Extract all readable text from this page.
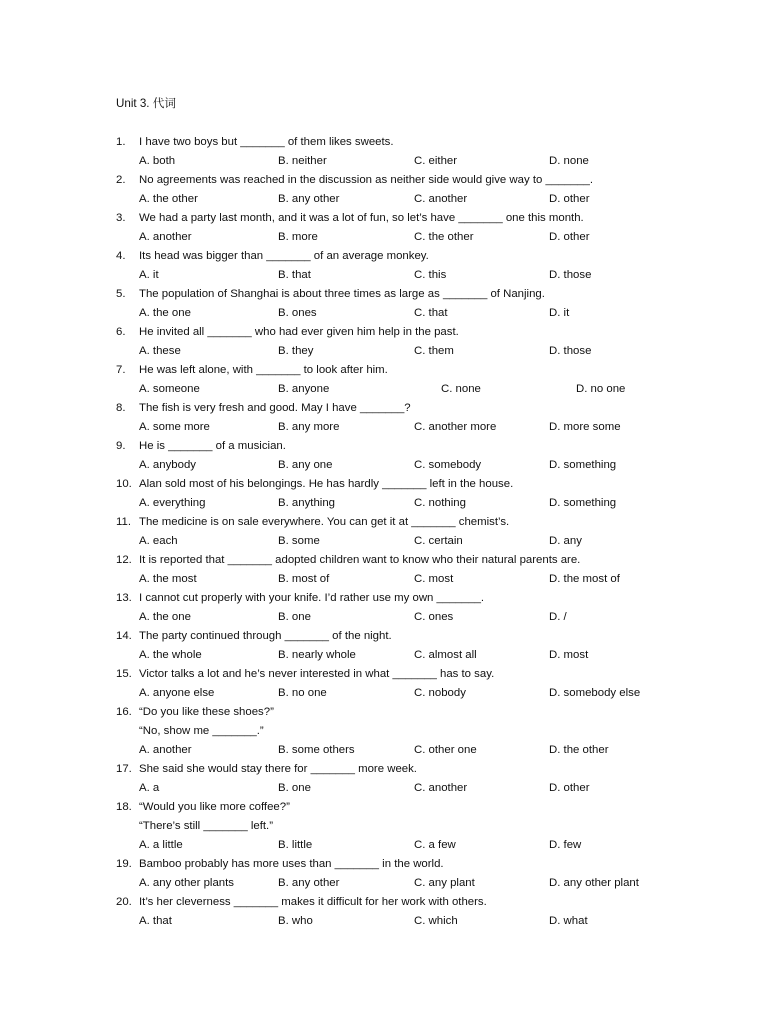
Unit 3. 代词
1.	I have two boys but _______ of them likes sweets.
A. both	B. neither	C. either	D. none
2.	No agreements was reached in the discussion as neither side would give way to _______.
A. the other	B. any other	C. another	D. other
3.	We had a party last month, and it was a lot of fun, so let’s have _______ one this month.
A. another	B. more	C. the other	D. other
4.	Its head was bigger than _______ of an average monkey.
A. it	B. that	C. this	D. those
5.	The population of Shanghai is about three times as large as _______ of Nanjing.
A. the one	B. ones	C. that	D. it
6.	He invited all _______ who had ever given him help in the past.
A. these	B. they	C. them	D. those
7.	He was left alone, with _______ to look after him.
A. someone	B. anyone	C. none	D. no one
8.	The fish is very fresh and good. May I have _______?
A. some more	B. any more	C. another more	D. more some
9.	He is _______ of a musician.
A. anybody	B. any one	C. somebody	D. something
10. Alan sold most of his belongings. He has hardly _______ left in the house.
A. everything	B. anything	C. nothing	D. something
11. The medicine is on sale everywhere. You can get it at _______ chemist’s.
A. each	B. some	C. certain	D. any
12. It is reported that _______ adopted children want to know who their natural parents are.
A. the most	B. most of	C. most	D. the most of
13. I cannot cut properly with your knife. I’d rather use my own _______.
A. the one	B. one	C. ones	D. /
14. The party continued through _______ of the night.
A. the whole	B. nearly whole	C. almost all	D. most
15. Victor talks a lot and he’s never interested in what _______ has to say.
A. anyone else	B. no one	C. nobody	D. somebody else
16. “Do you like these shoes?”
“No, show me _______.”
A. another	B. some others	C. other one	D. the other
17. She said she would stay there for _______ more week.
A. a	B. one	C. another	D. other
18. “Would you like more coffee?”
“There’s still _______ left.”
A. a little	B. little	C. a few	D. few
19. Bamboo probably has more uses than _______ in the world.
A. any other plants	B. any other	C. any plant	D. any other plant
20. It’s her cleverness _______ makes it difficult for her work with others.
A. that	B. who	C. which	D. what
